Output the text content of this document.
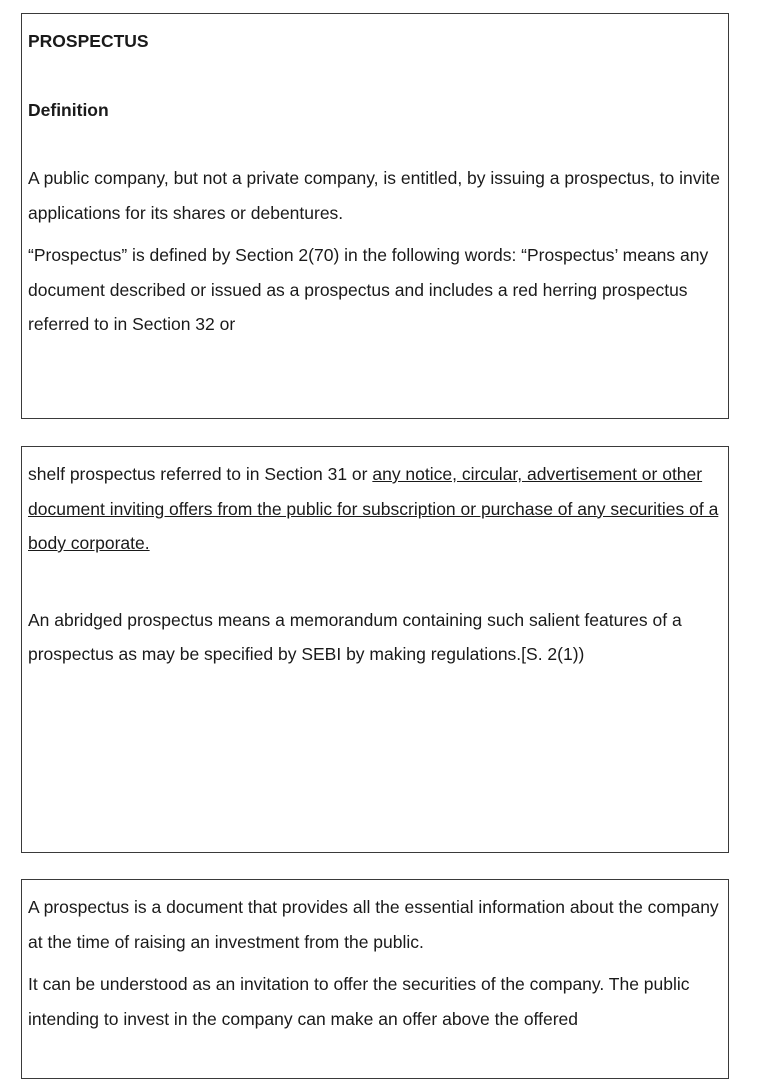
PROSPECTUS

Definition

A public company, but not a private company, is entitled, by issuing a prospectus, to invite applications for its shares or debentures.

“Prospectus” is defined by Section 2(70) in the following words: “Prospectus’ means any document described or issued as a prospectus and includes a red herring prospectus referred to in Section 32 or

shelf prospectus referred to in Section 31 or any notice, circular, advertisement or other document inviting offers from the public for subscription or purchase of any securities of a body corporate.

An abridged prospectus means a memorandum containing such salient features of a prospectus as may be specified by SEBI by making regulations.[S. 2(1))

A prospectus is a document that provides all the essential information about the company at the time of raising an investment from the public.

It can be understood as an invitation to offer the securities of the company. The public intending to invest in the company can make an offer above the offered
